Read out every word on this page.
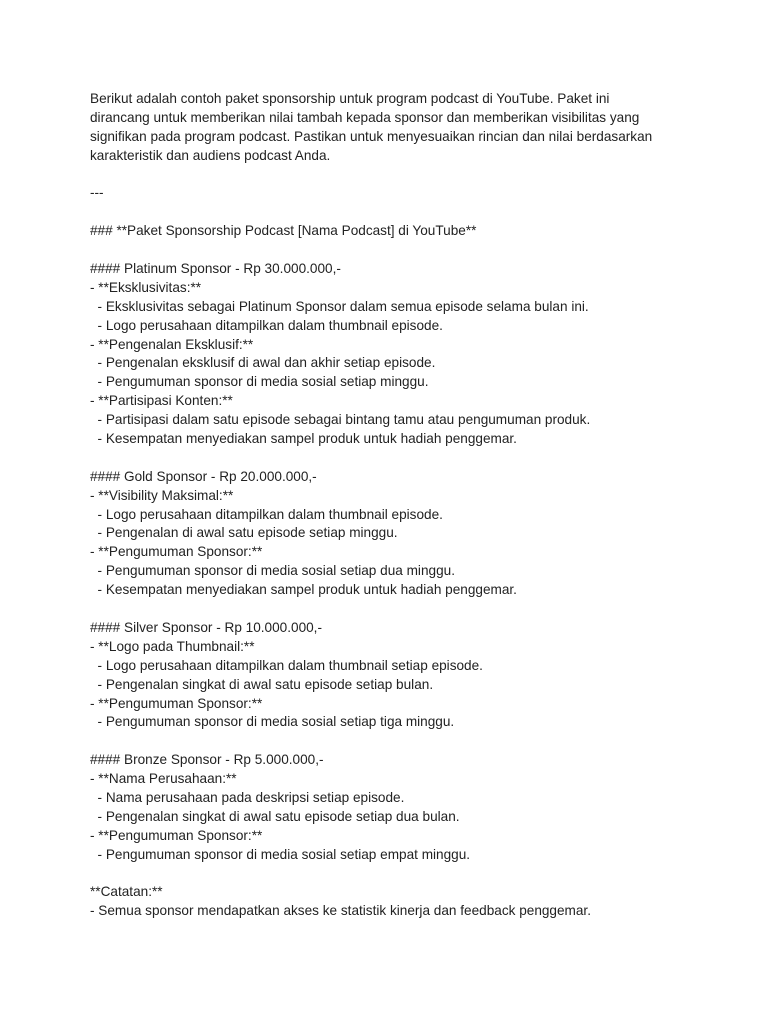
Berikut adalah contoh paket sponsorship untuk program podcast di YouTube. Paket ini
dirancang untuk memberikan nilai tambah kepada sponsor dan memberikan visibilitas yang
signifikan pada program podcast. Pastikan untuk menyesuaikan rincian dan nilai berdasarkan
karakteristik dan audiens podcast Anda.
---
### **Paket Sponsorship Podcast [Nama Podcast] di YouTube**
#### Platinum Sponsor - Rp 30.000.000,-
- **Eksklusivitas:**
- Eksklusivitas sebagai Platinum Sponsor dalam semua episode selama bulan ini.
- Logo perusahaan ditampilkan dalam thumbnail episode.
- **Pengenalan Eksklusif:**
- Pengenalan eksklusif di awal dan akhir setiap episode.
- Pengumuman sponsor di media sosial setiap minggu.
- **Partisipasi Konten:**
- Partisipasi dalam satu episode sebagai bintang tamu atau pengumuman produk.
- Kesempatan menyediakan sampel produk untuk hadiah penggemar.
#### Gold Sponsor - Rp 20.000.000,-
- **Visibility Maksimal:**
- Logo perusahaan ditampilkan dalam thumbnail episode.
- Pengenalan di awal satu episode setiap minggu.
- **Pengumuman Sponsor:**
- Pengumuman sponsor di media sosial setiap dua minggu.
- Kesempatan menyediakan sampel produk untuk hadiah penggemar.
#### Silver Sponsor - Rp 10.000.000,-
- **Logo pada Thumbnail:**
- Logo perusahaan ditampilkan dalam thumbnail setiap episode.
- Pengenalan singkat di awal satu episode setiap bulan.
- **Pengumuman Sponsor:**
- Pengumuman sponsor di media sosial setiap tiga minggu.
#### Bronze Sponsor - Rp 5.000.000,-
- **Nama Perusahaan:**
- Nama perusahaan pada deskripsi setiap episode.
- Pengenalan singkat di awal satu episode setiap dua bulan.
- **Pengumuman Sponsor:**
- Pengumuman sponsor di media sosial setiap empat minggu.
**Catatan:**
- Semua sponsor mendapatkan akses ke statistik kinerja dan feedback penggemar.
